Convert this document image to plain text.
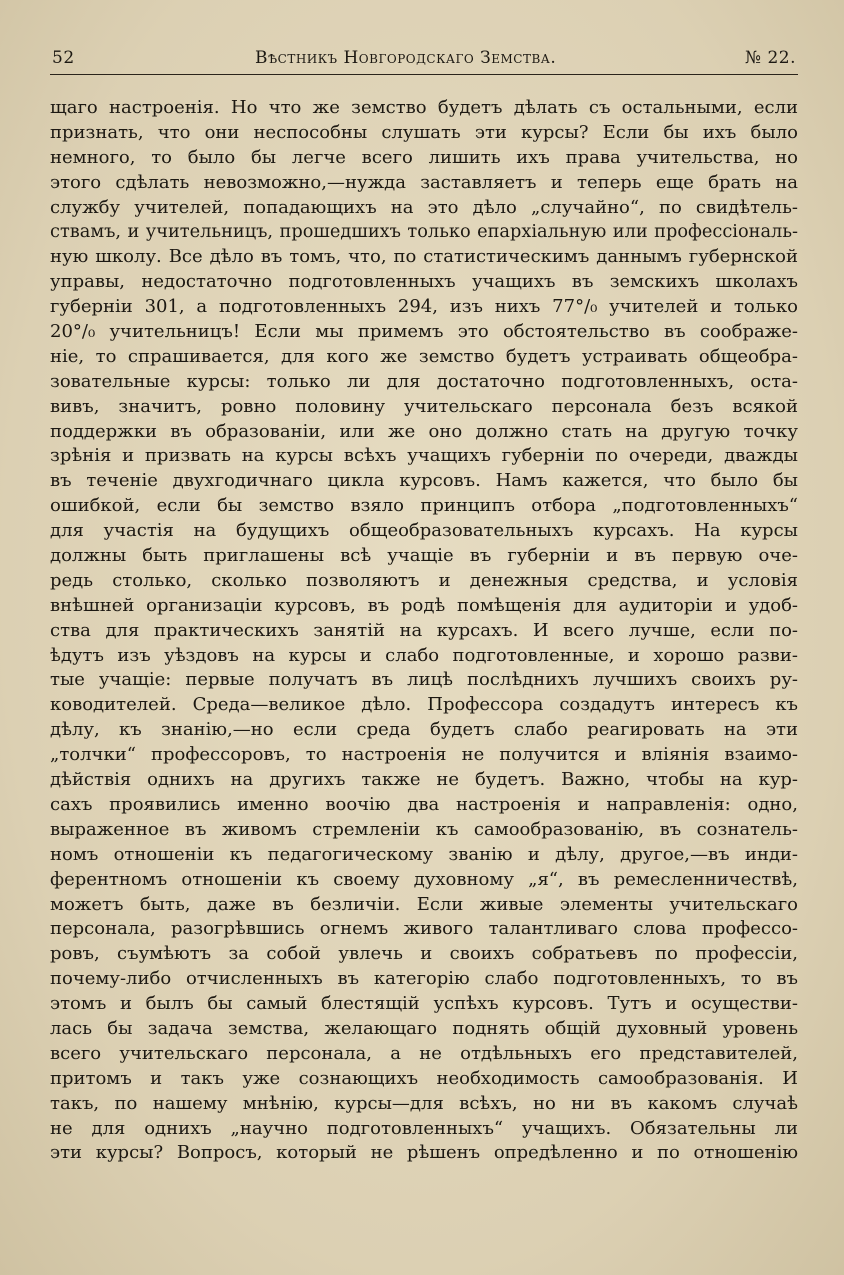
52	Вѣстникъ Новгородскаго Земства.	№ 22.
щаго настроенія. Но что же земство будетъ дѣлать съ остальными, если
признать, что они неспособны слушать эти курсы? Если бы ихъ было
немного, то было бы легче всего лишить ихъ права учительства, но
этого сдѣлать невозможно,—нужда заставляетъ и теперь еще брать на
службу учителей, попадающихъ на это дѣло „случайно“, по свидѣтель-
ствамъ, и учительницъ, прошедшихъ только епархіальную или профессіональ-
ную школу. Все дѣло въ томъ, что, по статистическимъ даннымъ губернской
управы, недостаточно подготовленныхъ учащихъ въ земскихъ школахъ
губерніи 301, а подготовленныхъ 294, изъ нихъ 77°/₀ учителей и только
20°/₀ учительницъ! Если мы примемъ это обстоятельство въ соображе-
ніе, то спрашивается, для кого же земство будетъ устраивать общеобра-
зовательные курсы: только ли для достаточно подготовленныхъ, оста-
вивъ, значитъ, ровно половину учительскаго персонала безъ всякой
поддержки въ образованіи, или же оно должно стать на другую точку
зрѣнія и призвать на курсы всѣхъ учащихъ губерніи по очереди, дважды
въ теченіе двухгодичнаго цикла курсовъ. Намъ кажется, что было бы
ошибкой, если бы земство взяло принципъ отбора „подготовленныхъ“
для участія на будущихъ общеобразовательныхъ курсахъ. На курсы
должны быть приглашены всѣ учащіе въ губерніи и въ первую оче-
редь столько, сколько позволяютъ и денежныя средства, и условія
внѣшней организаціи курсовъ, въ родѣ помѣщенія для аудиторіи и удоб-
ства для практическихъ занятій на курсахъ. И всего лучше, если по-
ѣдутъ изъ уѣздовъ на курсы и слабо подготовленные, и хорошо разви-
тые учащіе: первые получатъ въ лицѣ послѣднихъ лучшихъ своихъ ру-
ководителей. Среда—великое дѣло. Профессора создадутъ интересъ къ
дѣлу, къ знанію,—но если среда будетъ слабо реагировать на эти
„толчки“ профессоровъ, то настроенія не получится и вліянія взаимо-
дѣйствія однихъ на другихъ также не будетъ. Важно, чтобы на кур-
сахъ проявились именно воочію два настроенія и направленія: одно,
выраженное въ живомъ стремленіи къ самообразованію, въ сознатель-
номъ отношеніи къ педагогическому званію и дѣлу, другое,—въ инди-
ферентномъ отношеніи къ своему духовному „я“, въ ремесленничествѣ,
можетъ быть, даже въ безличіи. Если живые элементы учительскаго
персонала, разогрѣвшись огнемъ живого талантливаго слова профессо-
ровъ, съумѣютъ за собой увлечь и своихъ собратьевъ по профессіи,
почему-либо отчисленныхъ въ категорію слабо подготовленныхъ, то въ
этомъ и былъ бы самый блестящій успѣхъ курсовъ. Тутъ и осуществи-
лась бы задача земства, желающаго поднять общій духовный уровень
всего учительскаго персонала, а не отдѣльныхъ его представителей,
притомъ и такъ уже сознающихъ необходимость самообразованія. И
такъ, по нашему мнѣнію, курсы—для всѣхъ, но ни въ какомъ случаѣ
не для однихъ „научно подготовленныхъ“ учащихъ. Обязательны ли
эти курсы? Вопросъ, который не рѣшенъ опредѣленно и по отношенію
